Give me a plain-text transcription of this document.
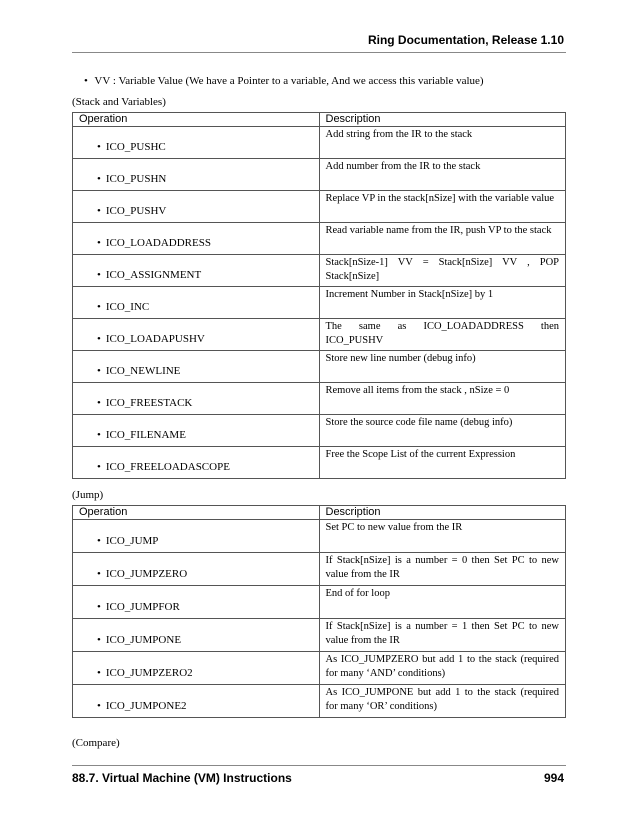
Ring Documentation, Release 1.10
• VV : Variable Value (We have a Pointer to a variable, And we access this variable value)
(Stack and Variables)
Operation	Description

• ICO_PUSHC	Add string from the IR to the stack

• ICO_PUSHN	Add number from the IR to the stack

• ICO_PUSHV	Replace VP in the stack[nSize] with the variable value

• ICO_LOADADDRESS	Read variable name from the IR, push VP to the stack

• ICO_ASSIGNMENT	Stack[nSize-1] VV = Stack[nSize] VV , POP Stack[nSize]

• ICO_INC	Increment Number in Stack[nSize] by 1

• ICO_LOADAPUSHV	The same as ICO_LOADADDRESS then ICO_PUSHV

• ICO_NEWLINE	Store new line number (debug info)

• ICO_FREESTACK	Remove all items from the stack , nSize = 0

• ICO_FILENAME	Store the source code file name (debug info)

• ICO_FREELOADASCOPE	Free the Scope List of the current Expression
(Jump)
Operation	Description

• ICO_JUMP	Set PC to new value from the IR

• ICO_JUMPZERO	If Stack[nSize] is a number = 0 then Set PC to new value from the IR

• ICO_JUMPFOR	End of for loop

• ICO_JUMPONE	If Stack[nSize] is a number = 1 then Set PC to new value from the IR

• ICO_JUMPZERO2	As ICO_JUMPZERO but add 1 to the stack (required for many ‘AND’ conditions)

• ICO_JUMPONE2	As ICO_JUMPONE but add 1 to the stack (required for many ‘OR’ conditions)
(Compare)
88.7. Virtual Machine (VM) Instructions	994
